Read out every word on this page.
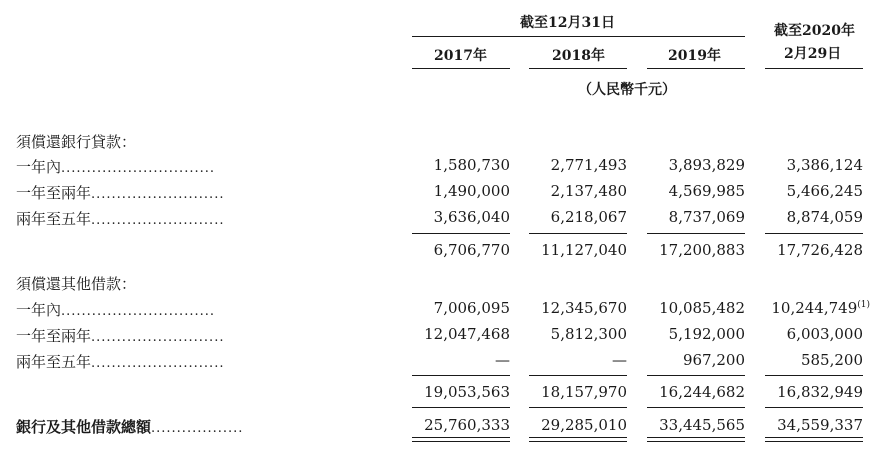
截至12月31日	截至2020年
2月29日
2017年	2018年	2019年
（人民幣千元）
須償還銀行貸款：
一年內..............................	1,580,730	2,771,493	3,893,829	3,386,124
一年至兩年..........................	1,490,000	2,137,480	4,569,985	5,466,245
兩年至五年..........................	3,636,040	6,218,067	8,737,069	8,874,059
6,706,770 11,127,040 17,200,883 17,726,428
須償還其他借款：
一年內..............................	7,006,095 12,345,670 10,085,482 10,244,749$^{(1)}$
一年至兩年..........................	12,047,468	5,812,300	5,192,000	6,003,000
兩年至五年..........................	—	—	967,200	585,200
19,053,563 18,157,970 16,244,682 16,832,949
銀行及其他借款總額..................	25,760,333 29,285,010 33,445,565 34,559,337
